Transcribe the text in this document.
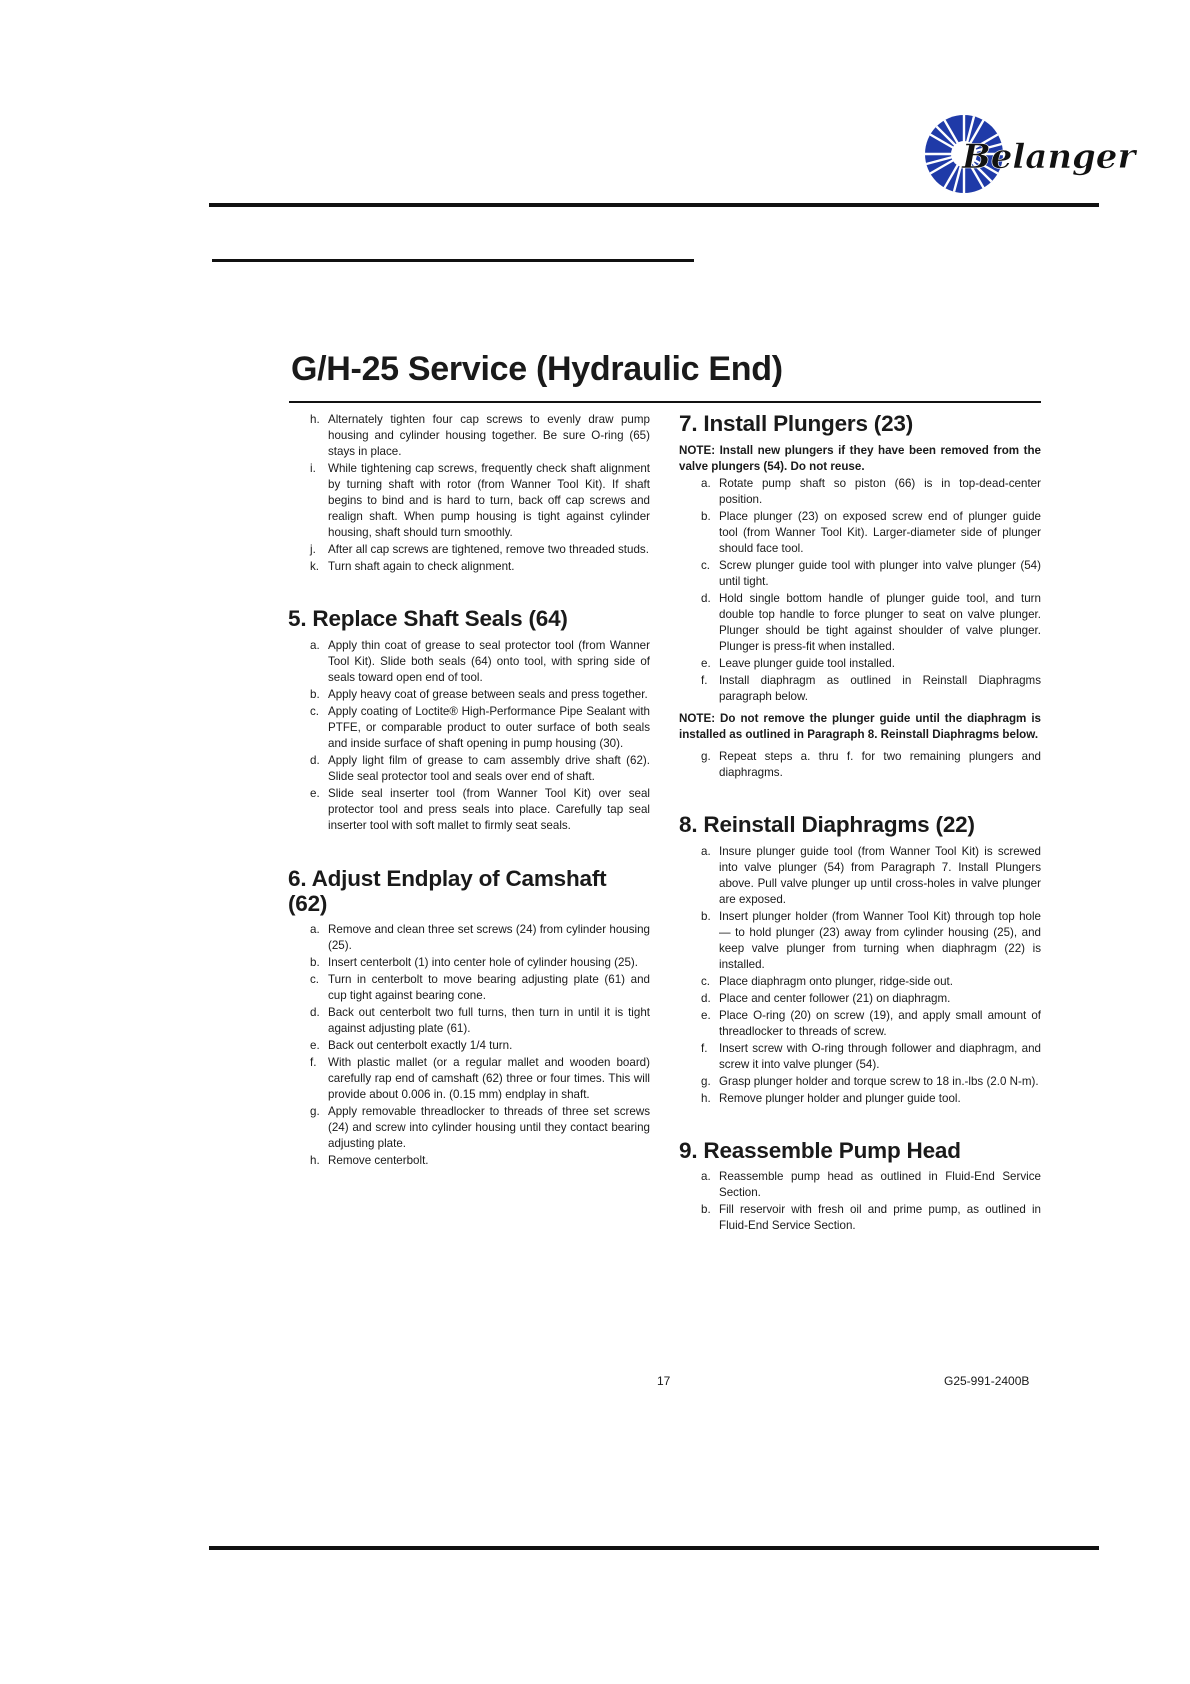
Belanger
G/H-25 Service (Hydraulic End)
h. Alternately tighten four cap screws to evenly draw pump housing and cylinder housing together. Be sure O-ring (65) stays in place.
i. While tightening cap screws, frequently check shaft alignment by turning shaft with rotor (from Wanner Tool Kit). If shaft begins to bind and is hard to turn, back off cap screws and realign shaft. When pump housing is tight against cylinder housing, shaft should turn smoothly.
j. After all cap screws are tightened, remove two threaded studs.
k. Turn shaft again to check alignment.
5. Replace Shaft Seals (64)
a. Apply thin coat of grease to seal protector tool (from Wanner Tool Kit). Slide both seals (64) onto tool, with spring side of seals toward open end of tool.
b. Apply heavy coat of grease between seals and press together.
c. Apply coating of Loctite® High-Performance Pipe Sealant with PTFE, or comparable product to outer surface of both seals and inside surface of shaft opening in pump housing (30).
d. Apply light film of grease to cam assembly drive shaft (62). Slide seal protector tool and seals over end of shaft.
e. Slide seal inserter tool (from Wanner Tool Kit) over seal protector tool and press seals into place. Carefully tap seal inserter tool with soft mallet to firmly seat seals.
6. Adjust Endplay of Camshaft (62)
a. Remove and clean three set screws (24) from cylinder housing (25).
b. Insert centerbolt (1) into center hole of cylinder housing (25).
c. Turn in centerbolt to move bearing adjusting plate (61) and cup tight against bearing cone.
d. Back out centerbolt two full turns, then turn in until it is tight against adjusting plate (61).
e. Back out centerbolt exactly 1/4 turn.
f. With plastic mallet (or a regular mallet and wooden board) carefully rap end of camshaft (62) three or four times. This will provide about 0.006 in. (0.15 mm) endplay in shaft.
g. Apply removable threadlocker to threads of three set screws (24) and screw into cylinder housing until they contact bearing adjusting plate.
h. Remove centerbolt.
7. Install Plungers (23)

NOTE: Install new plungers if they have been removed from the valve plungers (54). Do not reuse.

a. Rotate pump shaft so piston (66) is in top-dead-center position.
b. Place plunger (23) on exposed screw end of plunger guide tool (from Wanner Tool Kit). Larger-diameter side of plunger should face tool.
c. Screw plunger guide tool with plunger into valve plunger (54) until tight.
d. Hold single bottom handle of plunger guide tool, and turn double top handle to force plunger to seat on valve plunger. Plunger should be tight against shoulder of valve plunger. Plunger is press-fit when installed.
e. Leave plunger guide tool installed.
f. Install diaphragm as outlined in Reinstall Diaphragms paragraph below.

NOTE: Do not remove the plunger guide until the diaphragm is installed as outlined in Paragraph 8. Reinstall Diaphragms below.

g. Repeat steps a. thru f. for two remaining plungers and diaphragms.
8. Reinstall Diaphragms (22)
a. Insure plunger guide tool (from Wanner Tool Kit) is screwed into valve plunger (54) from Paragraph 7. Install Plungers above. Pull valve plunger up until cross-holes in valve plunger are exposed.
b. Insert plunger holder (from Wanner Tool Kit) through top hole — to hold plunger (23) away from cylinder housing (25), and keep valve plunger from turning when diaphragm (22) is installed.
c. Place diaphragm onto plunger, ridge-side out.
d. Place and center follower (21) on diaphragm.
e. Place O-ring (20) on screw (19), and apply small amount of threadlocker to threads of screw.
f. Insert screw with O-ring through follower and diaphragm, and screw it into valve plunger (54).
g. Grasp plunger holder and torque screw to 18 in.-lbs (2.0 N-m).
h. Remove plunger holder and plunger guide tool.
9. Reassemble Pump Head
a. Reassemble pump head as outlined in Fluid-End Service Section.
b. Fill reservoir with fresh oil and prime pump, as outlined in Fluid-End Service Section.
17	G25-991-2400B
